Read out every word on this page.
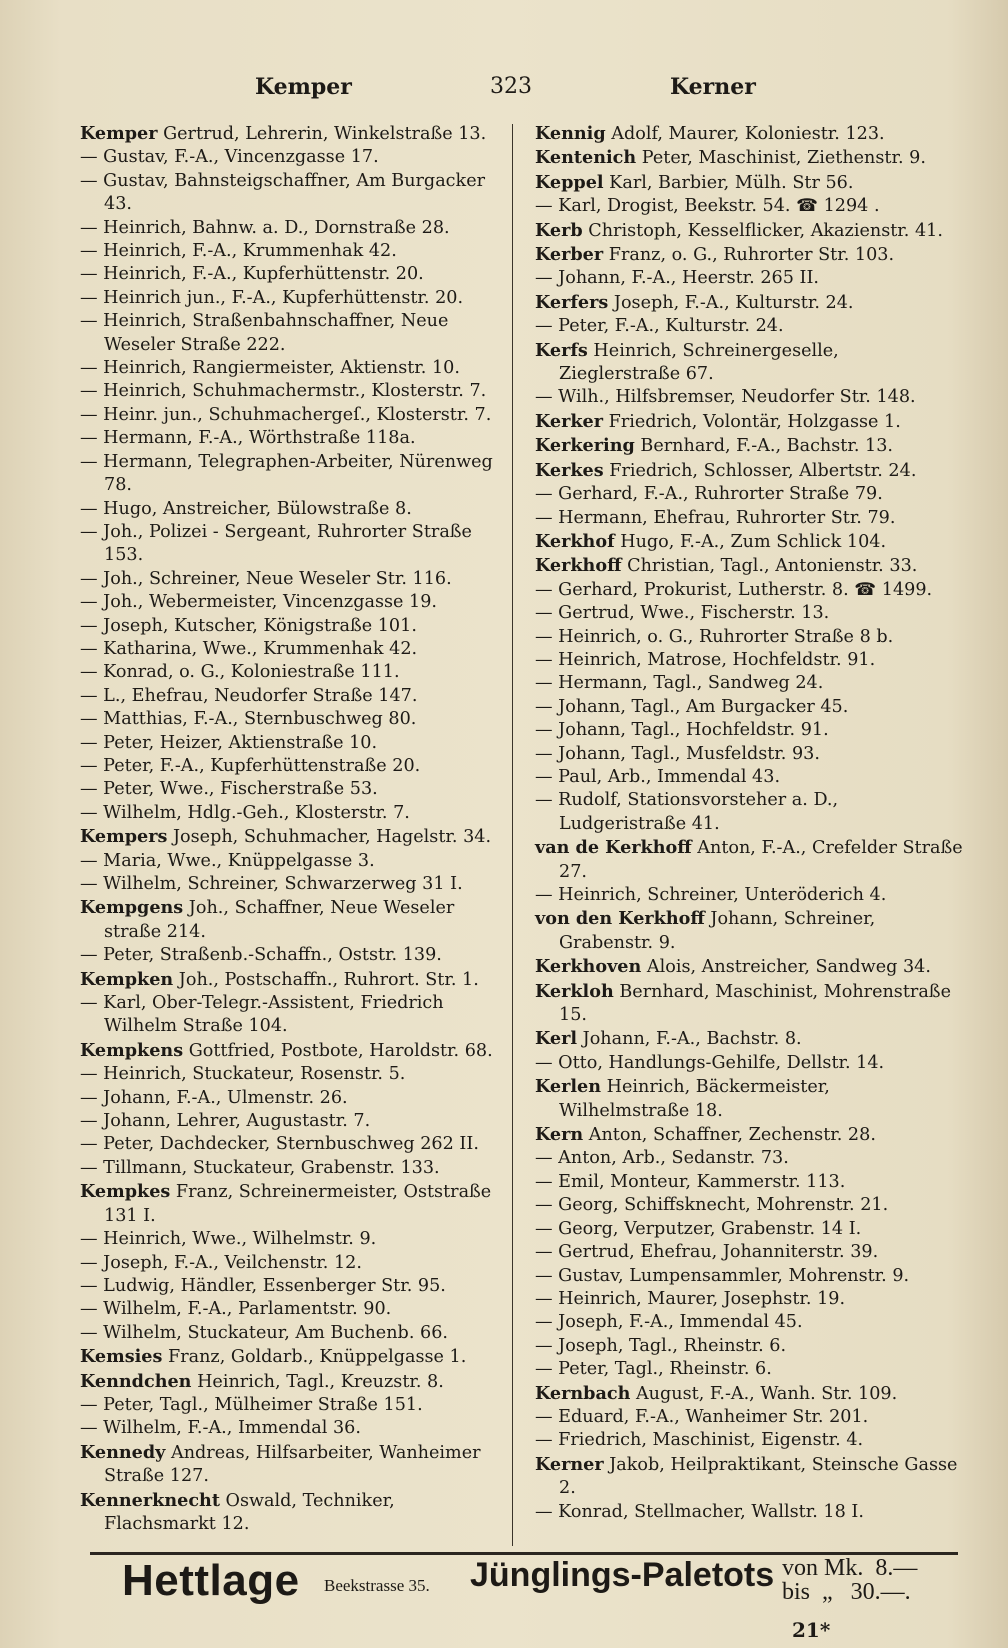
Kemper	323	Kerner
Kemper Gertrud, Lehrerin, Winkelstraße 13.
— Gustav, F.-A., Vincenzgasse 17.
— Gustav, Bahnsteigschaffner, Am Burgacker 43.
— Heinrich, Bahnw. a. D., Dornstraße 28.
— Heinrich, F.-A., Krummenhak 42.
— Heinrich, F.-A., Kupferhüttenstr. 20.
— Heinrich jun., F.-A., Kupferhüttenstr. 20.
— Heinrich, Straßenbahnschaffner, Neue Weseler Straße 222.
— Heinrich, Rangiermeister, Aktienstr. 10.
— Heinrich, Schuhmachermstr., Klosterstr. 7.
— Heinr. jun., Schuhmachergeſ., Klosterstr. 7.
— Hermann, F.-A., Wörthstraße 118a.
— Hermann, Telegraphen-Arbeiter, Nürenweg 78.
— Hugo, Anstreicher, Bülowstraße 8.
— Joh., Polizei - Sergeant, Ruhrorter Straße 153.
— Joh., Schreiner, Neue Weseler Str. 116.
— Joh., Webermeister, Vincenzgasse 19.
— Joseph, Kutscher, Königstraße 101.
— Katharina, Wwe., Krummenhak 42.
— Konrad, o. G., Koloniestraße 111.
— L., Ehefrau, Neudorfer Straße 147.
— Matthias, F.-A., Sternbuschweg 80.
— Peter, Heizer, Aktienstraße 10.
— Peter, F.-A., Kupferhüttenstraße 20.
— Peter, Wwe., Fischerstraße 53.
— Wilhelm, Hdlg.-Geh., Klosterstr. 7.
Kempers Joseph, Schuhmacher, Hagelstr. 34.
— Maria, Wwe., Knüppelgasse 3.
— Wilhelm, Schreiner, Schwarzerweg 31 I.
Kempgens Joh., Schaffner, Neue Weseler straße 214.
— Peter, Straßenb.-Schaffn., Oststr. 139.
Kempken Joh., Postschaffn., Ruhrort. Str. 1.
— Karl, Ober-Telegr.-Assistent, Friedrich Wilhelm Straße 104.
Kempkens Gottfried, Postbote, Haroldstr. 68.
— Heinrich, Stuckateur, Rosenstr. 5.
— Johann, F.-A., Ulmenstr. 26.
— Johann, Lehrer, Augustastr. 7.
— Peter, Dachdecker, Sternbuschweg 262 II.
— Tillmann, Stuckateur, Grabenstr. 133.
Kempkes Franz, Schreinermeister, Oststraße 131 I.
— Heinrich, Wwe., Wilhelmstr. 9.
— Joseph, F.-A., Veilchenstr. 12.
— Ludwig, Händler, Essenberger Str. 95.
— Wilhelm, F.-A., Parlamentstr. 90.
— Wilhelm, Stuckateur, Am Buchenb. 66.
Kemsies Franz, Goldarb., Knüppelgasse 1.
Kenndchen Heinrich, Tagl., Kreuzstr. 8.
— Peter, Tagl., Mülheimer Straße 151.
— Wilhelm, F.-A., Immendal 36.
Kennedy Andreas, Hilfsarbeiter, Wanheimer Straße 127.
Kennerknecht Oswald, Techniker, Flachsmarkt 12.
Kennig Adolf, Maurer, Koloniestr. 123.
Kentenich Peter, Maschinist, Ziethenstr. 9.
Keppel Karl, Barbier, Mülh. Str 56.
— Karl, Drogist, Beekstr. 54. ☎ 1294 .
Kerb Christoph, Kesselflicker, Akazienstr. 41.
Kerber Franz, o. G., Ruhrorter Str. 103.
— Johann, F.-A., Heerstr. 265 II.
Kerfers Joseph, F.-A., Kulturstr. 24.
— Peter, F.-A., Kulturstr. 24.
Kerfs Heinrich, Schreinergeselle, Zieglerstraße 67.
— Wilh., Hilfsbremser, Neudorfer Str. 148.
Kerker Friedrich, Volontär, Holzgasse 1.
Kerkering Bernhard, F.-A., Bachstr. 13.
Kerkes Friedrich, Schlosser, Albertstr. 24.
— Gerhard, F.-A., Ruhrorter Straße 79.
— Hermann, Ehefrau, Ruhrorter Str. 79.
Kerkhof Hugo, F.-A., Zum Schlick 104.
Kerkhoff Christian, Tagl., Antonienstr. 33.
— Gerhard, Prokurist, Lutherstr. 8. ☎ 1499.
— Gertrud, Wwe., Fischerstr. 13.
— Heinrich, o. G., Ruhrorter Straße 8 b.
— Heinrich, Matrose, Hochfeldstr. 91.
— Hermann, Tagl., Sandweg 24.
— Johann, Tagl., Am Burgacker 45.
— Johann, Tagl., Hochfeldstr. 91.
— Johann, Tagl., Musfeldstr. 93.
— Paul, Arb., Immendal 43.
— Rudolf, Stationsvorsteher a. D., Ludgeristraße 41.
van de Kerkhoff Anton, F.-A., Crefelder Straße 27.
— Heinrich, Schreiner, Unteröderich 4.
von den Kerkhoff Johann, Schreiner, Grabenstr. 9.
Kerkhoven Alois, Anstreicher, Sandweg 34.
Kerkloh Bernhard, Maschinist, Mohrenstraße 15.
Kerl Johann, F.-A., Bachstr. 8.
— Otto, Handlungs-Gehilfe, Dellstr. 14.
Kerlen Heinrich, Bäckermeister, Wilhelmstraße 18.
Kern Anton, Schaffner, Zechenstr. 28.
— Anton, Arb., Sedanstr. 73.
— Emil, Monteur, Kammerstr. 113.
— Georg, Schiffsknecht, Mohrenstr. 21.
— Georg, Verputzer, Grabenstr. 14 I.
— Gertrud, Ehefrau, Johanniterstr. 39.
— Gustav, Lumpensammler, Mohrenstr. 9.
— Heinrich, Maurer, Josephstr. 19.
— Joseph, F.-A., Immendal 45.
— Joseph, Tagl., Rheinstr. 6.
— Peter, Tagl., Rheinstr. 6.
Kernbach August, F.-A., Wanh. Str. 109.
— Eduard, F.-A., Wanheimer Str. 201.
— Friedrich, Maschinist, Eigenstr. 4.
Kerner Jakob, Heilpraktikant, Steinsche Gasse 2.
— Konrad, Stellmacher, Wallstr. 18 I.
Hettlage Beekstrasse 35. Jünglings-Paletots von Mk.  8.—
bis  „   30.—.
21*
